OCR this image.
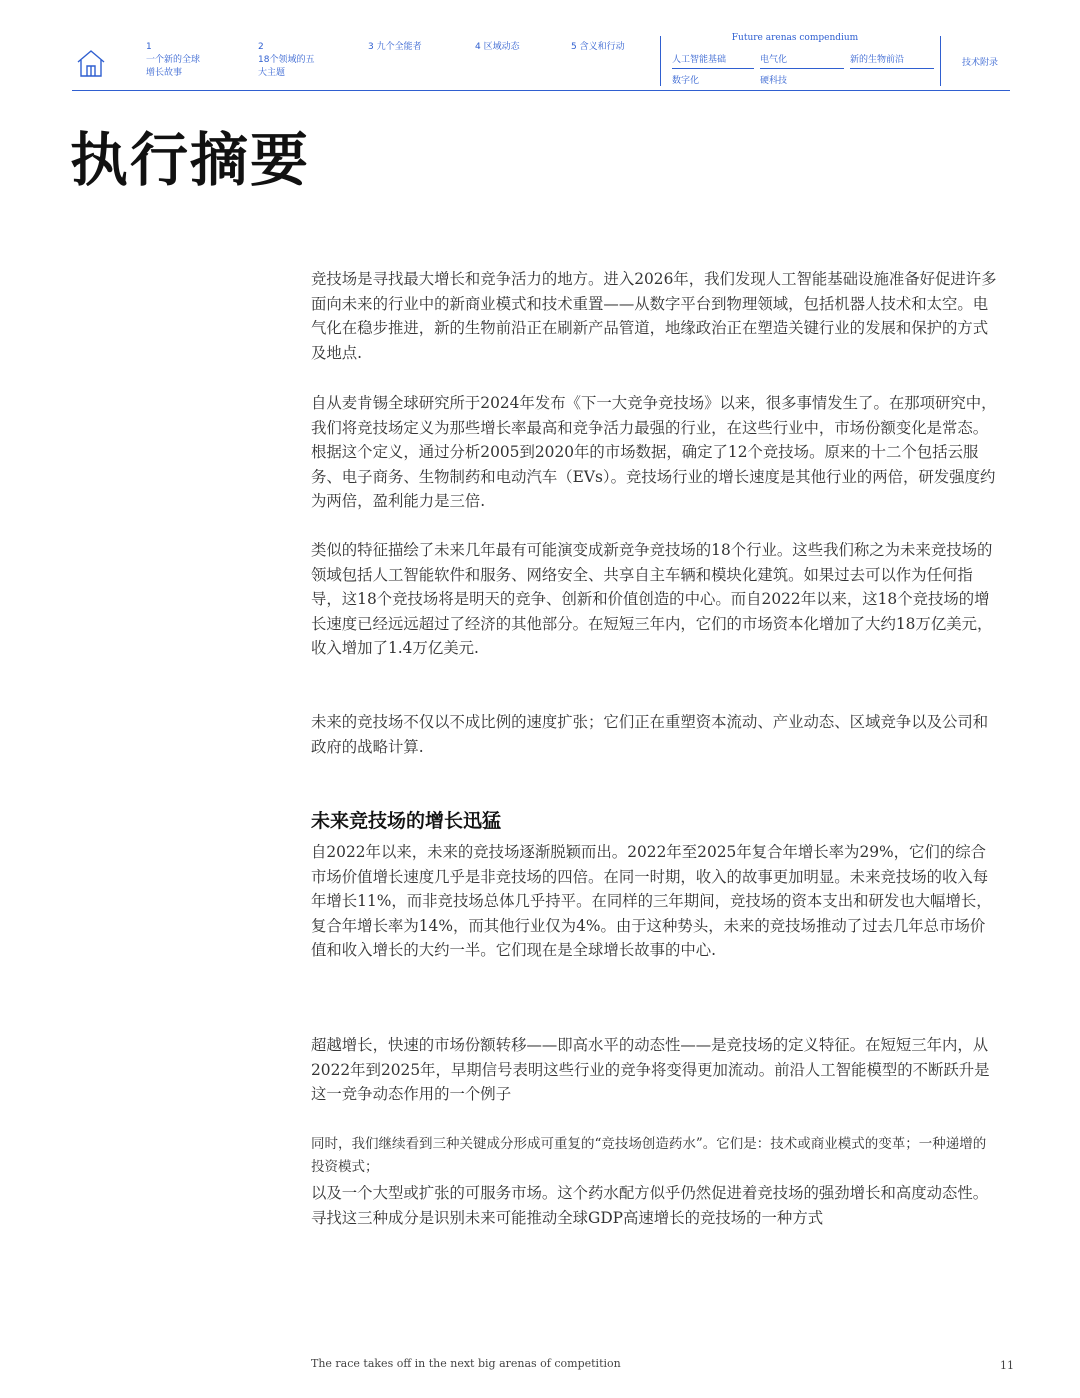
1
一个新的全球增长故事
2
18个领域的五大主题
3 九个全能者	4 区域动态	5 含义和行动
Future arenas compendium
人工智能基础	电气化	新的生物前沿
数字化	硬科技
技术附录
执行摘要

竞技场是寻找最大增长和竞争活力的地方。进入2026年，我们发现人工智能基础设施准备好促进许多面向未来的行业中的新商业模式和技术重置——从数字平台到物理领域，包括机器人技术和太空。电气化在稳步推进，新的生物前沿正在刷新产品管道，地缘政治正在塑造关键行业的发展和保护的方式及地点.

自从麦肯锡全球研究所于2024年发布《下一大竞争竞技场》以来，很多事情发生了。在那项研究中，我们将竞技场定义为那些增长率最高和竞争活力最强的行业，在这些行业中，市场份额变化是常态。根据这个定义，通过分析2005到2020年的市场数据，确定了12个竞技场。原来的十二个包括云服务、电子商务、生物制药和电动汽车（EVs）。竞技场行业的增长速度是其他行业的两倍，研发强度约为两倍，盈利能力是三倍.

类似的特征描绘了未来几年最有可能演变成新竞争竞技场的18个行业。这些我们称之为未来竞技场的领域包括人工智能软件和服务、网络安全、共享自主车辆和模块化建筑。如果过去可以作为任何指导，这18个竞技场将是明天的竞争、创新和价值创造的中心。而自2022年以来，这18个竞技场的增长速度已经远远超过了经济的其他部分。在短短三年内，它们的市场资本化增加了大约18万亿美元，收入增加了1.4万亿美元.

未来的竞技场不仅以不成比例的速度扩张；它们正在重塑资本流动、产业动态、区域竞争以及公司和政府的战略计算.

未来竞技场的增长迅猛

自2022年以来，未来的竞技场逐渐脱颖而出。2022年至2025年复合年增长率为29%，它们的综合市场价值增长速度几乎是非竞技场的四倍。在同一时期，收入的故事更加明显。未来竞技场的收入每年增长11%，而非竞技场总体几乎持平。在同样的三年期间，竞技场的资本支出和研发也大幅增长，复合年增长率为14%，而其他行业仅为4%。由于这种势头，未来的竞技场推动了过去几年总市场价值和收入增长的大约一半。它们现在是全球增长故事的中心.

超越增长，快速的市场份额转移——即高水平的动态性——是竞技场的定义特征。在短短三年内，从2022年到2025年，早期信号表明这些行业的竞争将变得更加流动。前沿人工智能模型的不断跃升是这一竞争动态作用的一个例子

同时，我们继续看到三种关键成分形成可重复的“竞技场创造药水”。它们是：技术或商业模式的变革；一种递增的投资模式；

以及一个大型或扩张的可服务市场。这个药水配方似乎仍然促进着竞技场的强劲增长和高度动态性。寻找这三种成分是识别未来可能推动全球GDP高速增长的竞技场的一种方式

The race takes off in the next big arenas of competition	11
